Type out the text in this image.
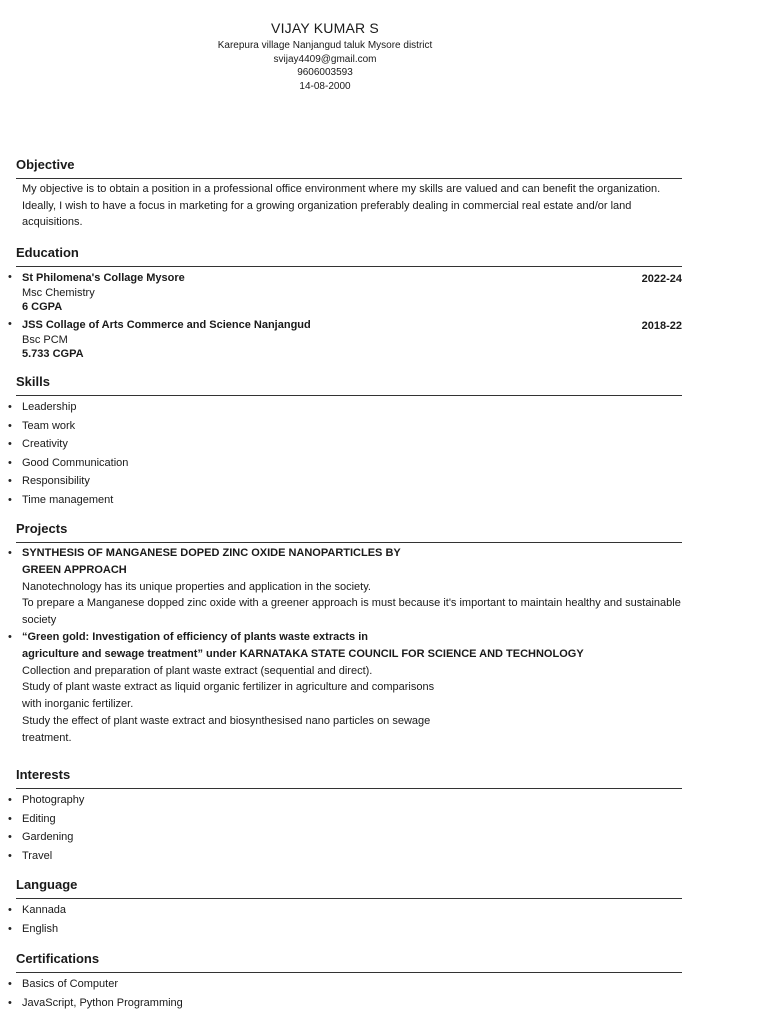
VIJAY KUMAR S
Karepura village Nanjangud taluk Mysore district
svijay4409@gmail.com
9606003593
14-08-2000
Objective
My objective is to obtain a position in a professional office environment where my skills are valued and can benefit the organization. Ideally, I wish to have a focus in marketing for a growing organization preferably dealing in commercial real estate and/or land acquisitions.
Education
• 2022-24
St Philomena's Collage Mysore
Msc Chemistry
6 CGPA
• 2018-22
JSS Collage of Arts Commerce and Science Nanjangud
Bsc PCM
5.733 CGPA
Skills
• Leadership
• Team work
• Creativity
• Good Communication
• Responsibility
• Time management
Projects
• SYNTHESIS OF MANGANESE DOPED ZINC OXIDE NANOPARTICLES BY
GREEN APPROACH
Nanotechnology has its unique properties and application in the society.
To prepare a Manganese dopped zinc oxide with a greener approach is must because it's important to maintain healthy and sustainable society
• “Green gold: Investigation of efficiency of plants waste extracts in
agriculture and sewage treatment” under KARNATAKA STATE COUNCIL FOR SCIENCE AND TECHNOLOGY
Collection and preparation of plant waste extract (sequential and direct).
Study of plant waste extract as liquid organic fertilizer in agriculture and comparisons
with inorganic fertilizer.
Study the effect of plant waste extract and biosynthesised nano particles on sewage
treatment.
Interests
• Photography
• Editing
• Gardening
• Travel
Language
• Kannada
• English
Certifications
• Basics of Computer
• JavaScript, Python Programming
